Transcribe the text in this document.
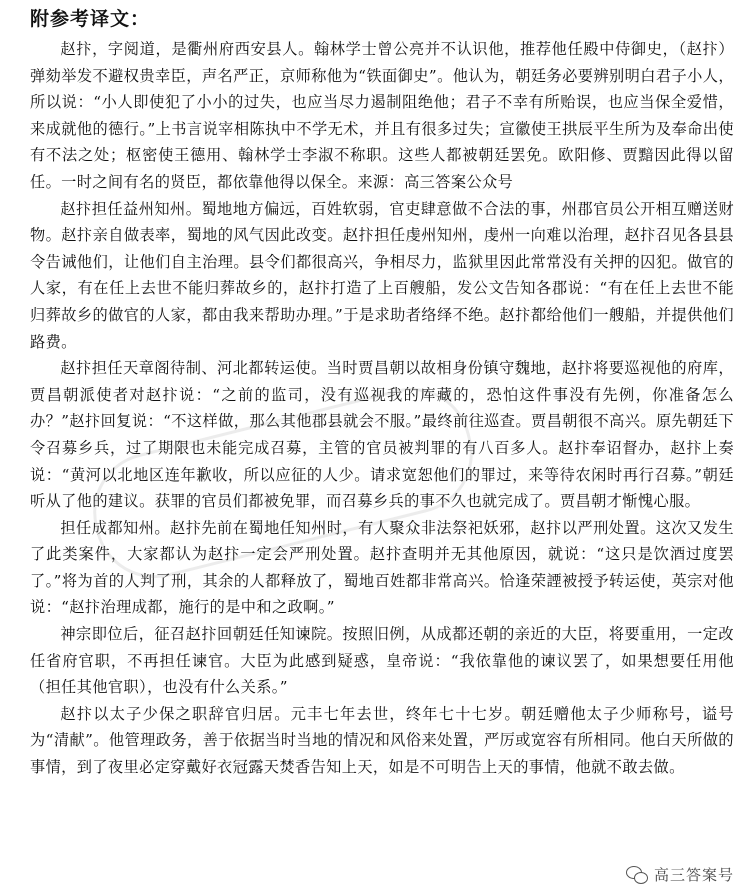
附参考译文：

赵抃，字阅道，是衢州府西安县人。翰林学士曾公亮并不认识他，推荐他任殿中侍御史，（赵抃）弹劾举发不避权贵幸臣，声名严正，京师称他为“铁面御史”。他认为，朝廷务必要辨别明白君子小人，所以说：“小人即使犯了小小的过失，也应当尽力遏制阻绝他；君子不幸有所贻误，也应当保全爱惜，来成就他的德行。”上书言说宰相陈执中不学无术，并且有很多过失；宣徽使王拱辰平生所为及奉命出使有不法之处；枢密使王德用、翰林学士李淑不称职。这些人都被朝廷罢免。欧阳修、贾黯因此得以留任。一时之间有名的贤臣，都依靠他得以保全。来源：高三答案公众号

赵抃担任益州知州。蜀地地方偏远，百姓软弱，官吏肆意做不合法的事，州郡官员公开相互赠送财物。赵抃亲自做表率，蜀地的风气因此改变。赵抃担任虔州知州，虔州一向难以治理，赵抃召见各县县令告诫他们，让他们自主治理。县令们都很高兴，争相尽力，监狱里因此常常没有关押的囚犯。做官的人家，有在任上去世不能归葬故乡的，赵抃打造了上百艘船，发公文告知各郡说：“有在任上去世不能归葬故乡的做官的人家，都由我来帮助办理。”于是求助者络绎不绝。赵抃都给他们一艘船，并提供他们路费。

赵抃担任天章阁待制、河北都转运使。当时贾昌朝以故相身份镇守魏地，赵抃将要巡视他的府库，贾昌朝派使者对赵抃说：“之前的监司，没有巡视我的库藏的，恐怕这件事没有先例，你准备怎么办？”赵抃回复说：“不这样做，那么其他郡县就会不服。”最终前往巡查。贾昌朝很不高兴。原先朝廷下令召募乡兵，过了期限也未能完成召募，主管的官员被判罪的有八百多人。赵抃奉诏督办，赵抃上奏说：“黄河以北地区连年歉收，所以应征的人少。请求宽恕他们的罪过，来等待农闲时再行召募。”朝廷听从了他的建议。获罪的官员们都被免罪，而召募乡兵的事不久也就完成了。贾昌朝才惭愧心服。

担任成都知州。赵抃先前在蜀地任知州时，有人聚众非法祭祀妖邪，赵抃以严刑处置。这次又发生了此类案件，大家都认为赵抃一定会严刑处置。赵抃查明并无其他原因，就说：“这只是饮酒过度罢了。”将为首的人判了刑，其余的人都释放了，蜀地百姓都非常高兴。恰逢荣諲被授予转运使，英宗对他说：“赵抃治理成都，施行的是中和之政啊。”

神宗即位后，征召赵抃回朝廷任知谏院。按照旧例，从成都还朝的亲近的大臣，将要重用，一定改任省府官职，不再担任谏官。大臣为此感到疑惑，皇帝说：“我依靠他的谏议罢了，如果想要任用他（担任其他官职），也没有什么关系。”

赵抃以太子少保之职辞官归居。元丰七年去世，终年七十七岁。朝廷赠他太子少师称号，谥号为“清献”。他管理政务，善于依据当时当地的情况和风俗来处置，严厉或宽容有所相同。他白天所做的事情，到了夜里必定穿戴好衣冠露天焚香告知上天，如是不可明告上天的事情，他就不敢去做。

高三答案号
